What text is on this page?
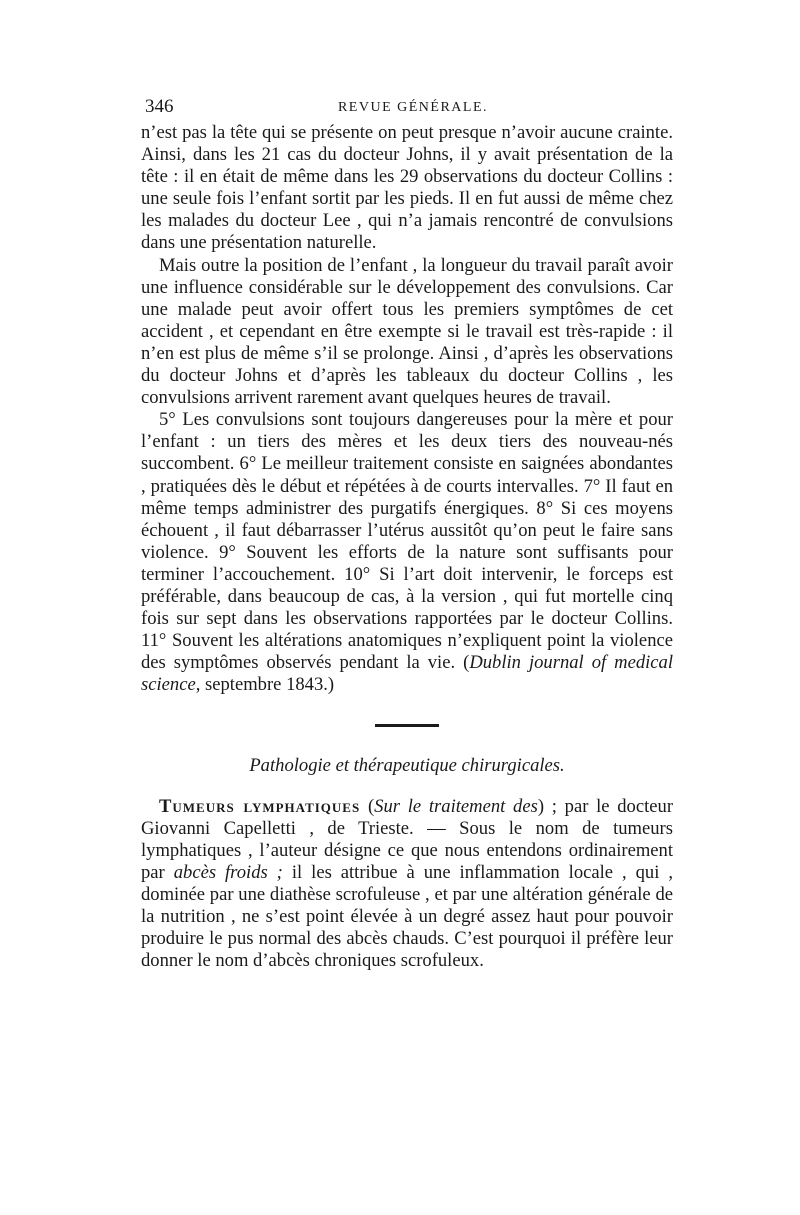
346	REVUE GÉNÉRALE.

n’est pas la tête qui se présente on peut presque n’avoir aucune crainte. Ainsi, dans les 21 cas du docteur Johns, il y avait présentation de la tête : il en était de même dans les 29 observations du docteur Collins : une seule fois l’enfant sortit par les pieds. Il en fut aussi de même chez les malades du docteur Lee , qui n’a jamais rencontré de convulsions dans une présentation naturelle.

Mais outre la position de l’enfant , la longueur du travail paraît avoir une influence considérable sur le développement des convulsions. Car une malade peut avoir offert tous les premiers symptômes de cet accident , et cependant en être exempte si le travail est très-rapide : il n’en est plus de même s’il se prolonge. Ainsi , d’après les observations du docteur Johns et d’après les tableaux du docteur Collins , les convulsions arrivent rarement avant quelques heures de travail.

5° Les convulsions sont toujours dangereuses pour la mère et pour l’enfant : un tiers des mères et les deux tiers des nouveau-nés succombent. 6° Le meilleur traitement consiste en saignées abondantes , pratiquées dès le début et répétées à de courts intervalles. 7° Il faut en même temps administrer des purgatifs énergiques. 8° Si ces moyens échouent , il faut débarrasser l’utérus aussitôt qu’on peut le faire sans violence. 9° Souvent les efforts de la nature sont suffisants pour terminer l’accouchement. 10° Si l’art doit intervenir, le forceps est préférable, dans beaucoup de cas, à la version , qui fut mortelle cinq fois sur sept dans les observations rapportées par le docteur Collins. 11° Souvent les altérations anatomiques n’expliquent point la violence des symptômes observés pendant la vie. (Dublin journal of medical science, septembre 1843.)

Pathologie et thérapeutique chirurgicales.

Tumeurs lymphatiques (Sur le traitement des) ; par le docteur Giovanni Capelletti , de Trieste. — Sous le nom de tumeurs lymphatiques , l’auteur désigne ce que nous entendons ordinairement par abcès froids ; il les attribue à une inflammation locale , qui , dominée par une diathèse scrofuleuse , et par une altération générale de la nutrition , ne s’est point élevée à un degré assez haut pour pouvoir produire le pus normal des abcès chauds. C’est pourquoi il préfère leur donner le nom d’abcès chroniques scrofuleux.
